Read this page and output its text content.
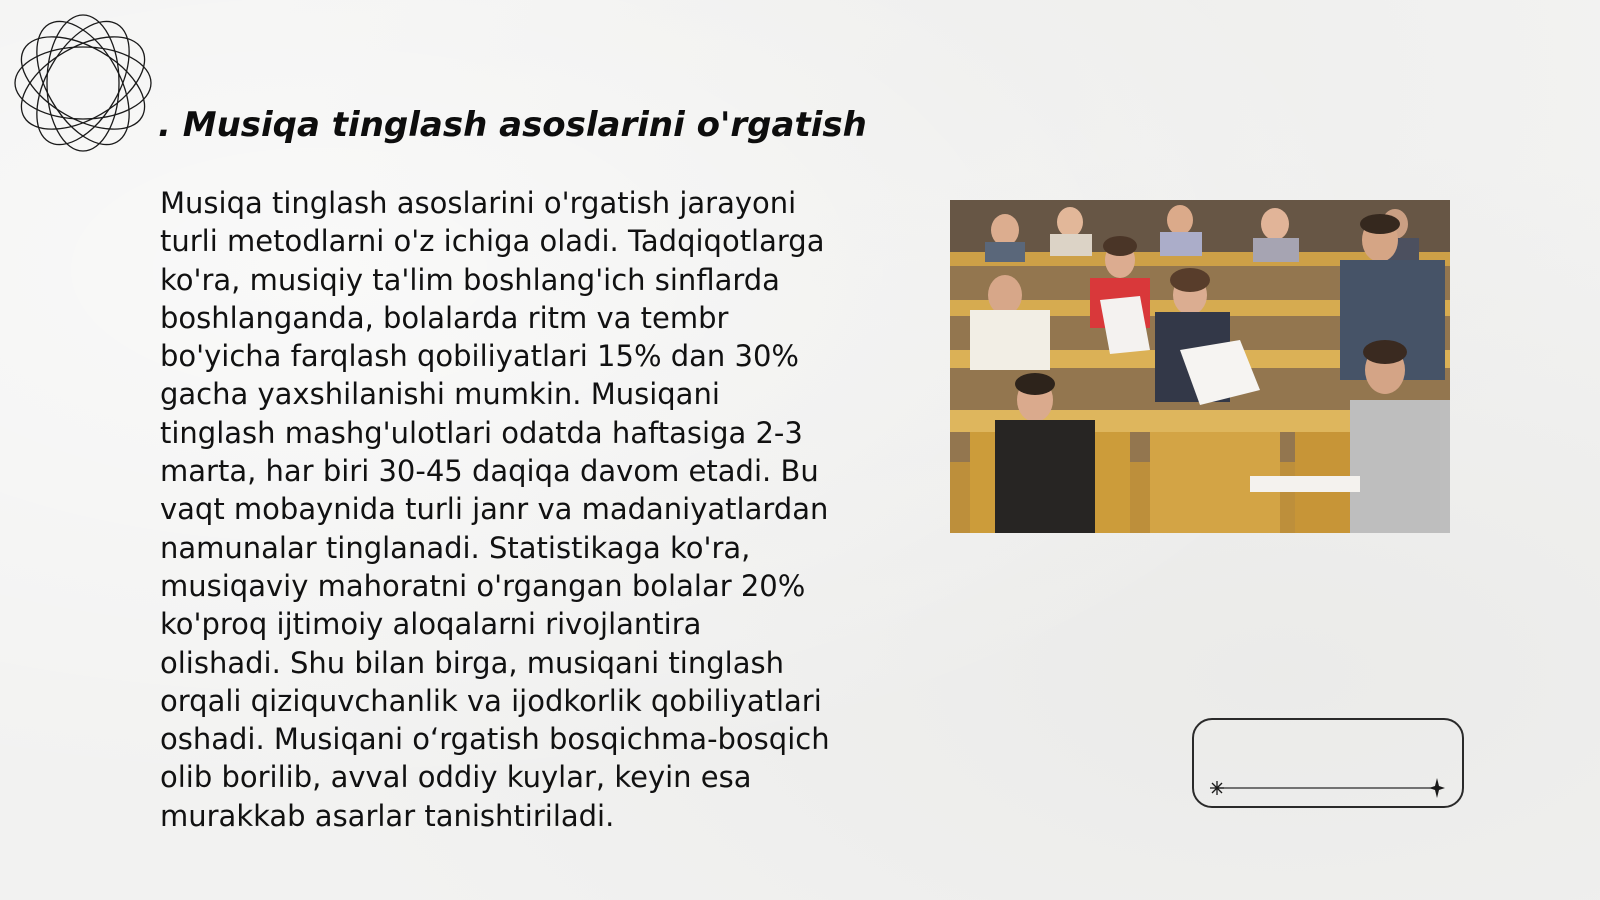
. Musiqa tinglash asoslarini o'rgatish

Musiqa tinglash asoslarini o'rgatish jarayoni turli metodlarni o'z ichiga oladi. Tadqiqotlarga ko'ra, musiqiy ta'lim boshlang'ich sinflarda boshlanganda, bolalarda ritm va tembr bo'yicha farqlash qobiliyatlari 15% dan 30% gacha yaxshilanishi mumkin. Musiqani tinglash mashg'ulotlari odatda haftasiga 2-3 marta, har biri 30-45 daqiqa davom etadi. Bu vaqt mobaynida turli janr va madaniyatlardan namunalar tinglanadi. Statistikaga ko'ra, musiqaviy mahoratni o'rgangan bolalar 20% ko'proq ijtimoiy aloqalarni rivojlantira olishadi. Shu bilan birga, musiqani tinglash orqali qiziquvchanlik va ijodkorlik qobiliyatlari oshadi. Musiqani o‘rgatish bosqichma-bosqich olib borilib, avval oddiy kuylar, keyin esa murakkab asarlar tanishtiriladi.
